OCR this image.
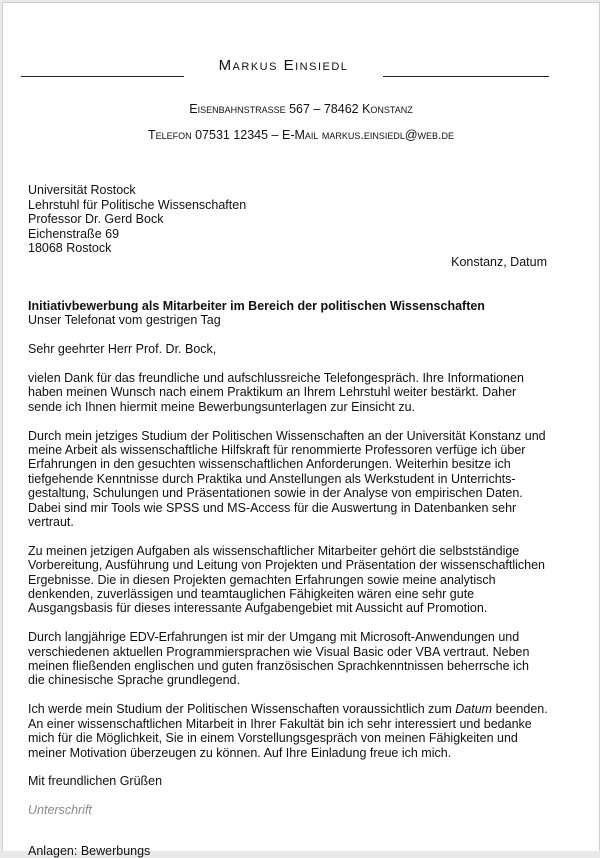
Markus Einsiedl
Eisenbahnstrasse 567 – 78462 Konstanz
Telefon 07531 12345 – E-Mail markus.einsiedl@web.de
Universität Rostock
Lehrstuhl für Politische Wissenschaften
Professor Dr. Gerd Bock
Eichenstraße 69
18068 Rostock
Konstanz, Datum

Initiativbewerbung als Mitarbeiter im Bereich der politischen Wissenschaften

Unser Telefonat vom gestrigen Tag

Sehr geehrter Herr Prof. Dr. Bock,

vielen Dank für das freundliche und aufschlussreiche Telefongespräch. Ihre Informationen haben meinen Wunsch nach einem Praktikum an Ihrem Lehrstuhl weiter bestärkt. Daher sende ich Ihnen hiermit meine Bewerbungsunterlagen zur Einsicht zu.

Durch mein jetziges Studium der Politischen Wissenschaften an der Universität Konstanz und meine Arbeit als wissenschaftliche Hilfskraft für renommierte Professoren verfüge ich über Erfahrungen in den gesuchten wissenschaftlichen Anforderungen. Weiterhin besitze ich tiefgehende Kenntnisse durch Praktika und Anstellungen als Werkstudent in Unterrichts-gestaltung, Schulungen und Präsentationen sowie in der Analyse von empirischen Daten. Dabei sind mir Tools wie SPSS und MS-Access für die Auswertung in Datenbanken sehr vertraut.

Zu meinen jetzigen Aufgaben als wissenschaftlicher Mitarbeiter gehört die selbstständige Vorbereitung, Ausführung und Leitung von Projekten und Präsentation der wissenschaftlichen Ergebnisse. Die in diesen Projekten gemachten Erfahrungen sowie meine analytisch denkenden, zuverlässigen und teamtauglichen Fähigkeiten wären eine sehr gute Ausgangsbasis für dieses interessante Aufgabengebiet mit Aussicht auf Promotion.

Durch langjährige EDV-Erfahrungen ist mir der Umgang mit Microsoft-Anwendungen und verschiedenen aktuellen Programmiersprachen wie Visual Basic oder VBA vertraut. Neben meinen fließenden englischen und guten französischen Sprachkenntnissen beherrsche ich die chinesische Sprache grundlegend.

Ich werde mein Studium der Politischen Wissenschaften voraussichtlich zum Datum beenden. An einer wissenschaftlichen Mitarbeit in Ihrer Fakultät bin ich sehr interessiert und bedanke mich für die Möglichkeit, Sie in einem Vorstellungsgespräch von meinen Fähigkeiten und meiner Motivation überzeugen zu können. Auf Ihre Einladung freue ich mich.

Mit freundlichen Grüßen

Unterschrift

Anlagen: Bewerbungs
